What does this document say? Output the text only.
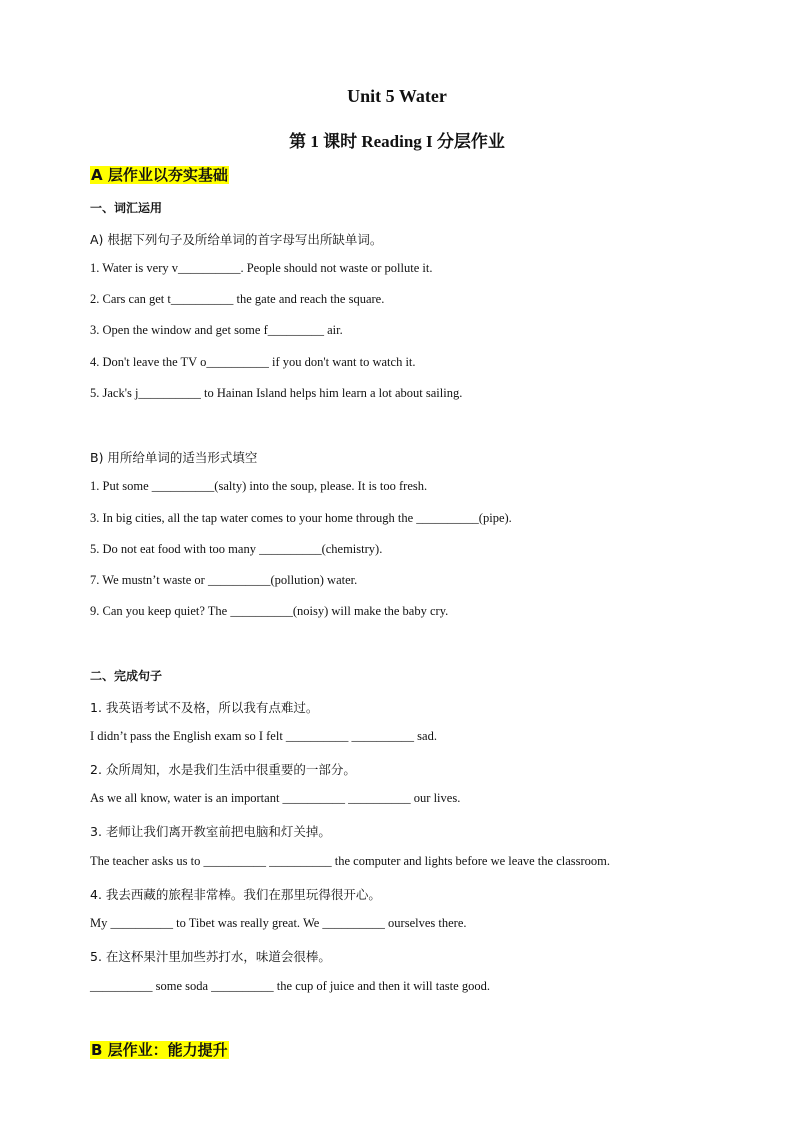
Unit 5 Water
第 1 课时 Reading I 分层作业
A 层作业以夯实基础
一、词汇运用
A) 根据下列句子及所给单词的首字母写出所缺单词。
1. Water is very v__________. People should not waste or pollute it.
2. Cars can get t__________ the gate and reach the square.
3. Open the window and get some f_________ air.
4. Don't leave the TV o__________ if you don't want to watch it.
5. Jack's j__________ to Hainan Island helps him learn a lot about sailing.
B) 用所给单词的适当形式填空
1. Put some __________(salty) into the soup, please. It is too fresh.
3. In big cities, all the tap water comes to your home through the __________(pipe).
5. Do not eat food with too many __________(chemistry).
7. We mustn’t waste or __________(pollution) water.
9. Can you keep quiet? The __________(noisy) will make the baby cry.
二、完成句子
1. 我英语考试不及格，所以我有点难过。
I didn’t pass the English exam so I felt __________ __________ sad.
2. 众所周知，水是我们生活中很重要的一部分。
As we all know, water is an important __________ __________ our lives.
3. 老师让我们离开教室前把电脑和灯关掉。
The teacher asks us to __________ __________ the computer and lights before we leave the classroom.
4. 我去西藏的旅程非常棒。我们在那里玩得很开心。
My __________ to Tibet was really great. We __________ ourselves there.
5. 在这杯果汁里加些苏打水，味道会很棒。
__________ some soda __________ the cup of juice and then it will taste good.
B 层作业：能力提升
